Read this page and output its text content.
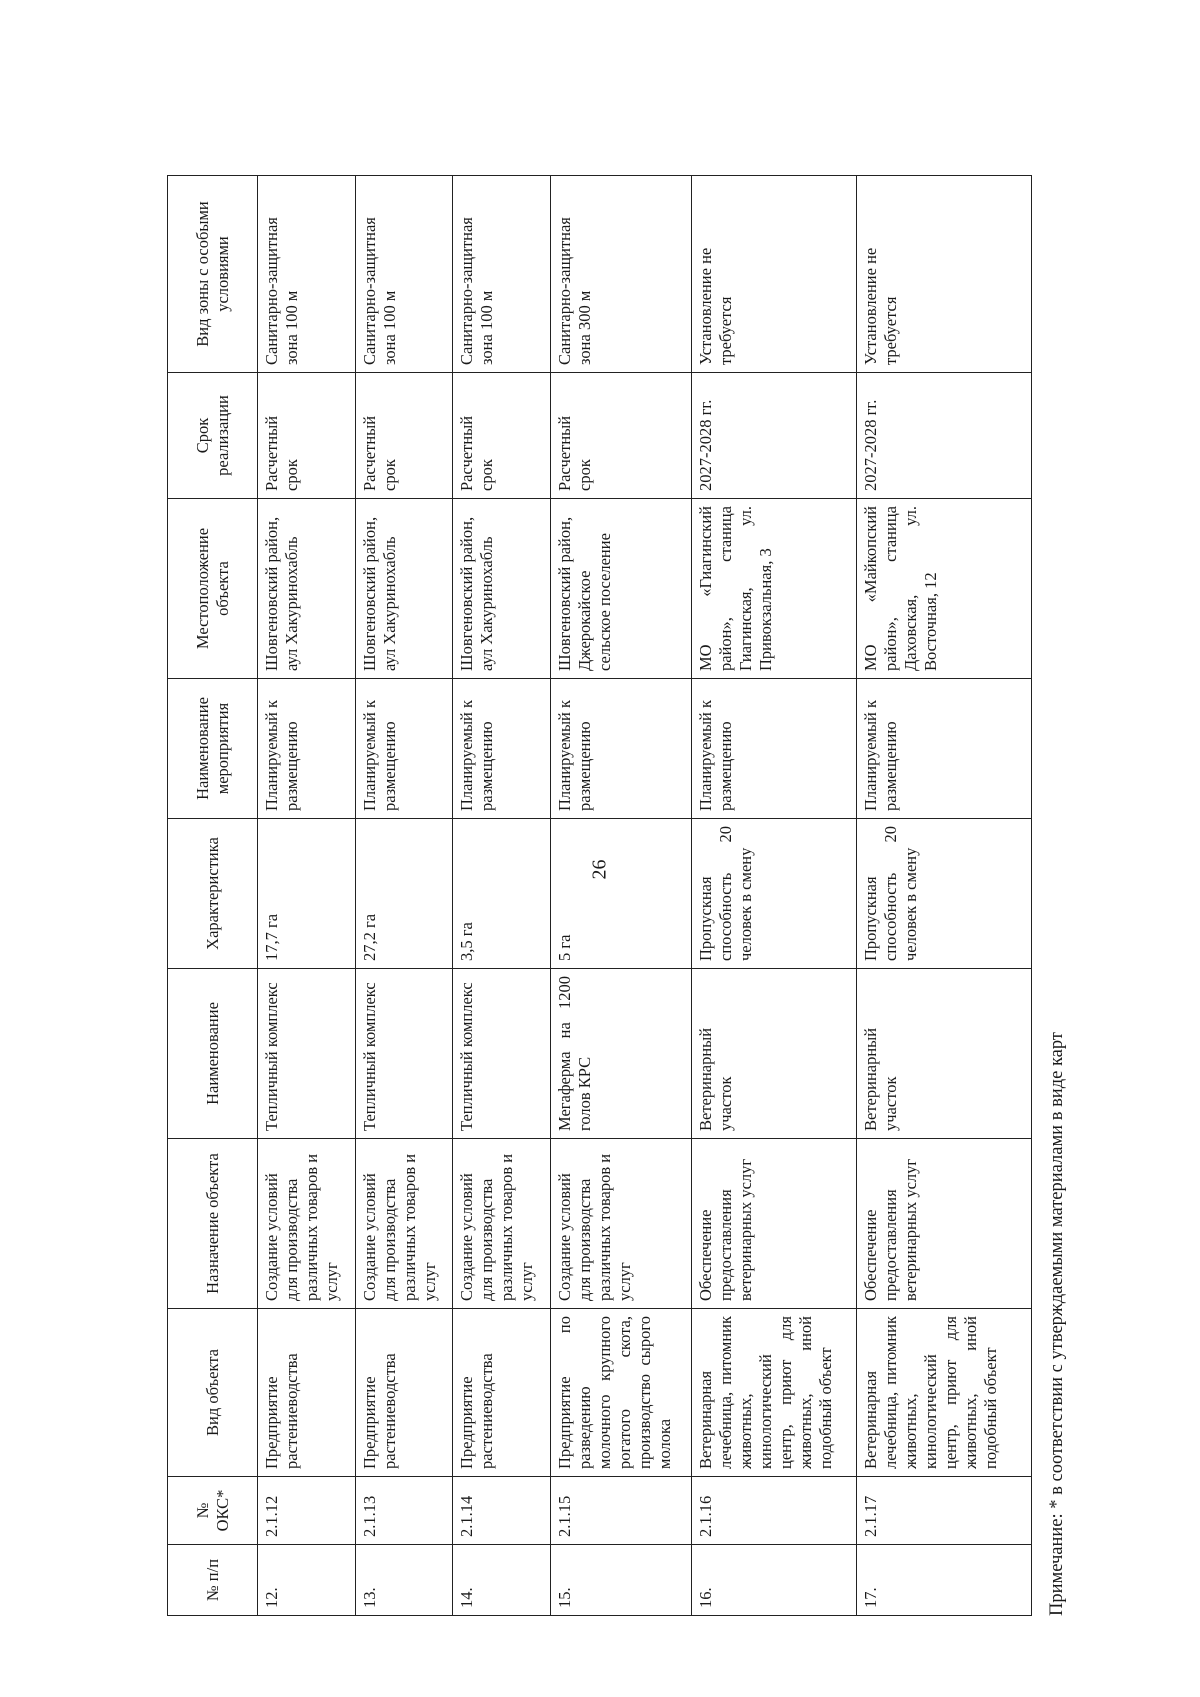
26
№ п/п	№ ОКС*	Вид объекта	Назначение объекта	Наименование	Характеристика	Наименование мероприятия	Местоположение объекта	Срок реализации	Вид зоны с особыми условиями
12.	2.1.12	Предприятие растениеводства	Создание условий для производства различных товаров и услуг	Тепличный комплекс	17,7 га	Планируемый к размещению	Шовгеновский район, аул Хакуринохабль	Расчетный срок	Санитарно-защитная зона 100 м
13.	2.1.13	Предприятие растениеводства	Создание условий для производства различных товаров и услуг	Тепличный комплекс	27,2 га	Планируемый к размещению	Шовгеновский район, аул Хакуринохабль	Расчетный срок	Санитарно-защитная зона 100 м
14.	2.1.14	Предприятие растениеводства	Создание условий для производства различных товаров и услуг	Тепличный комплекс	3,5 га	Планируемый к размещению	Шовгеновский район, аул Хакуринохабль	Расчетный срок	Санитарно-защитная зона 100 м
15.	2.1.15	Предприятие по разведению молочного крупного рогатого скота, производство сырого молока	Создание условий для производства различных товаров и услуг	Мегаферма на 1200 голов КРС	5 га	Планируемый к размещению	Шовгеновский район, Джерокайское сельское поселение	Расчетный срок	Санитарно-защитная зона 300 м
16.	2.1.16	Ветеринарная лечебница, питомник животных, кинологический центр, приют для животных, иной подобный объект	Обеспечение предоставления ветеринарных услуг	Ветеринарный участок	Пропускная способность 20 человек в смену	Планируемый к размещению	МО «Гиагинский район», станица Гиагинская, ул. Привокзальная, 3	2027-2028 гг.	Установление не требуется
17.	2.1.17	Ветеринарная лечебница, питомник животных, кинологический центр, приют для животных, иной подобный объект	Обеспечение предоставления ветеринарных услуг	Ветеринарный участок	Пропускная способность 20 человек в смену	Планируемый к размещению	МО «Майкопский район», станица Даховская, ул. Восточная, 12	2027-2028 гг.	Установление не требуется
Примечание: * в соответствии с утверждаемыми материалами в виде карт
